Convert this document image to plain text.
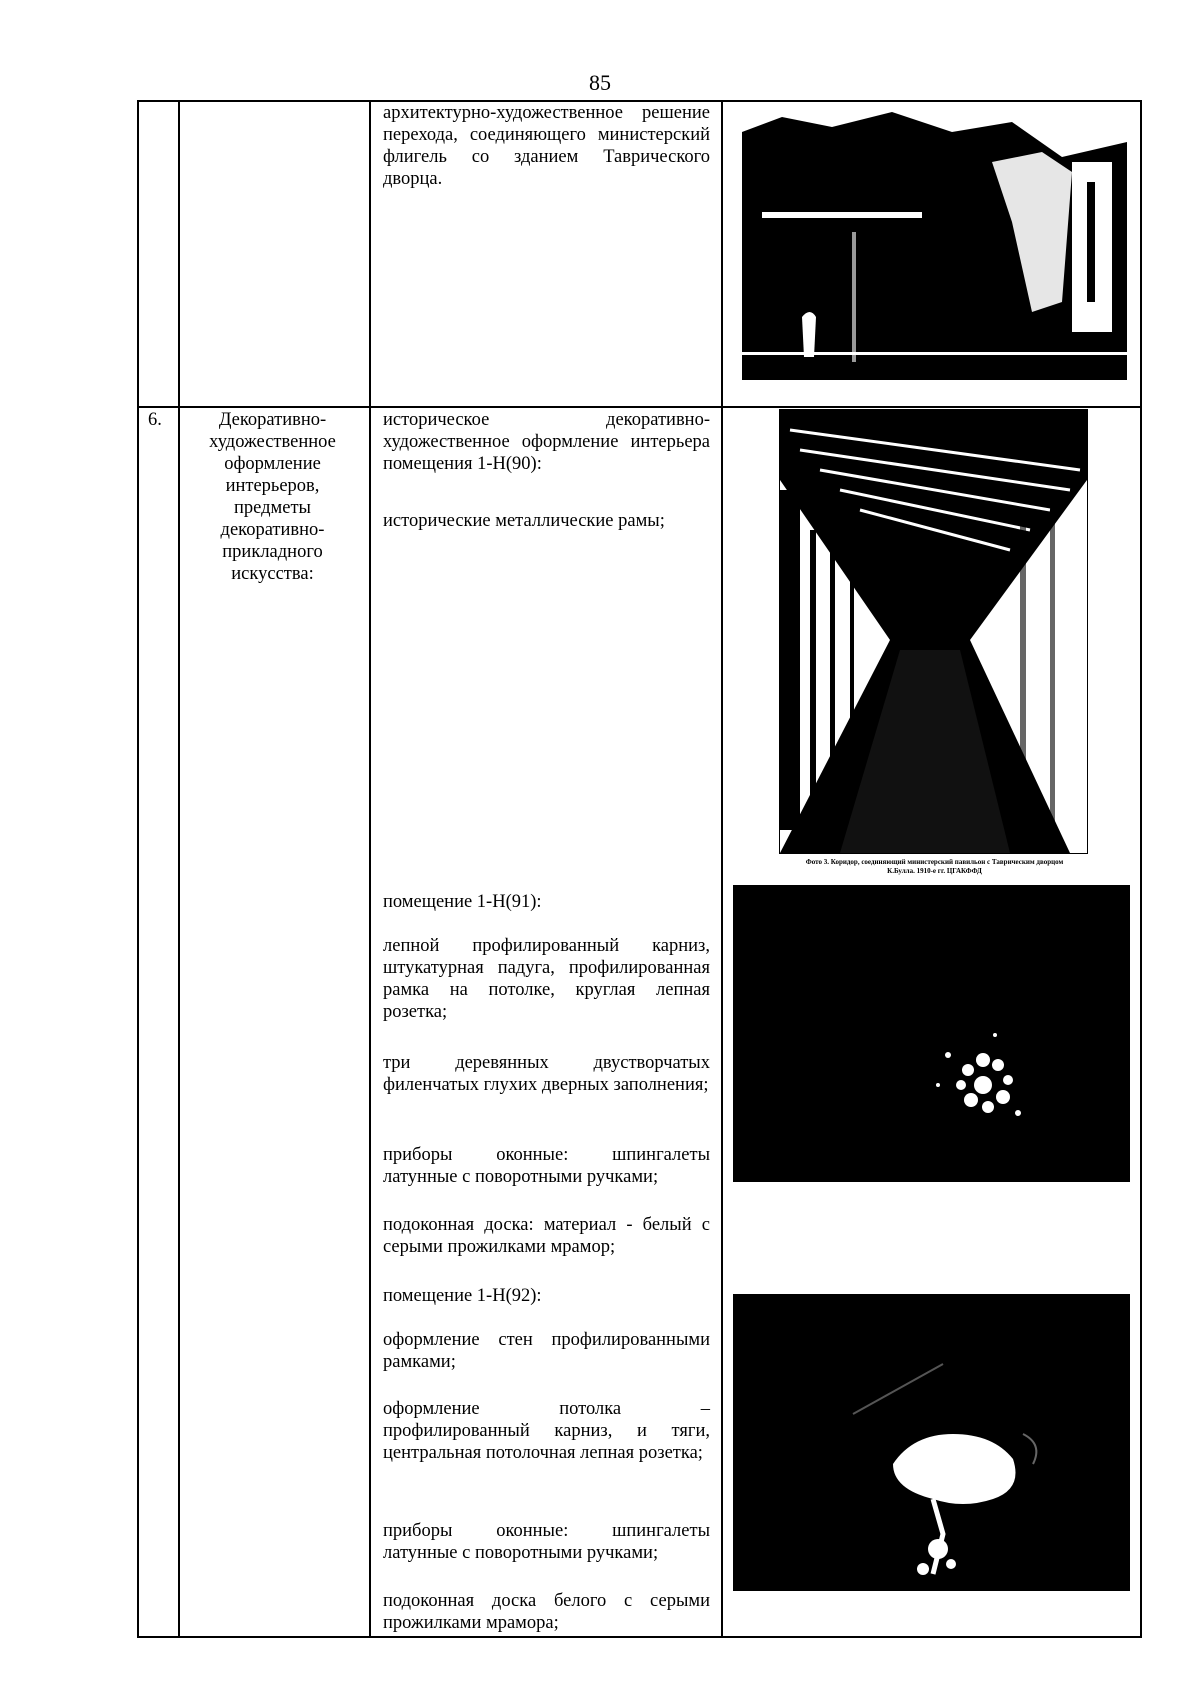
85

архитектурно-художественное решение перехода, соединяющего министерский флигель со зданием Таврического дворца.

6.	Декоративно-художественное оформление интерьеров, предметы декоративно-прикладного искусства:
историческое декоративно-художественное оформление интерьера помещения 1-Н(90):
исторические металлические рамы;
помещение 1-Н(91):
лепной профилированный карниз, штукатурная падуга, профилированная рамка на потолке, круглая лепная розетка;
три деревянных двустворчатых филенчатых глухих дверных заполнения;
приборы оконные: шпингалеты латунные с поворотными ручками;
подоконная доска: материал - белый с серыми прожилками мрамор;
помещение 1-Н(92):
оформление стен профилированными рамками;
оформление потолка – профилированный карниз, и тяги, центральная потолочная лепная розетка;
приборы оконные: шпингалеты латунные с поворотными ручками;
подоконная доска белого с серыми прожилками мрамора;
Фото 3. Коридор, соединяющий министерский павильон с Таврическим дворцом
К.Булла. 1910-е гг. ЦГАКФФД
